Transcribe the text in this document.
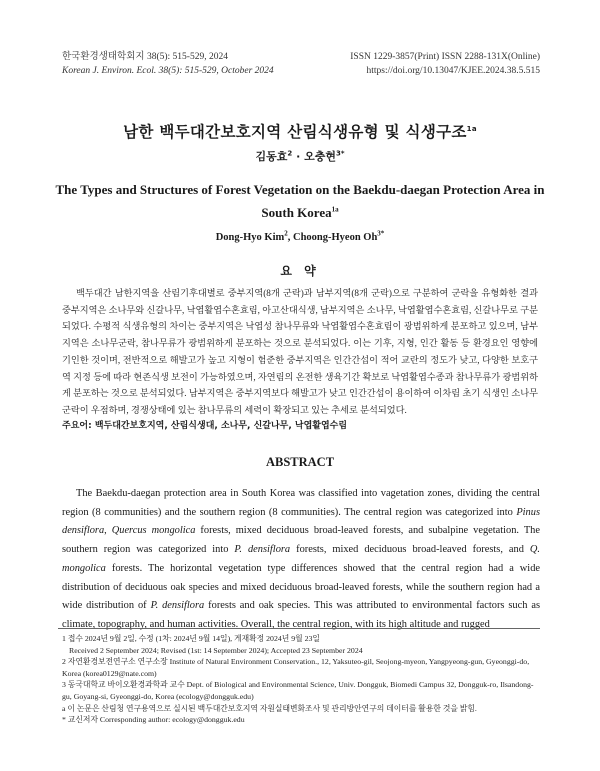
한국환경생태학회지 38(5): 515-529, 2024
Korean J. Environ. Ecol. 38(5): 515-529, October 2024
ISSN 1229-3857(Print) ISSN 2288-131X(Online)
https://doi.org/10.13047/KJEE.2024.38.5.515
남한 백두대간보호지역 산림식생유형 및 식생구조$^{1a}$
김동효$^2$ · 오충현$^{3*}$
The Types and Structures of Forest Vegetation on the Baekdu-daegan Protection Area in South Korea$^{1a}$
Dong-Hyo Kim$^2$, Choong-Hyeon $Oh^{3*}$
요 약
백두대간 남한지역을 산림기후대별로 중부지역(8개 군락)과 남부지역(8개 군락)으로 구분하여 군락을 유형화한 결과 중부지역은 소나무와 신갈나무, 낙엽활엽수혼효림, 아고산대식생, 남부지역은 소나무, 낙엽활엽수혼효림, 신갈나무로 구분되었다. 수평적 식생유형의 차이는 중부지역은 낙엽성 참나무류와 낙엽활엽수혼효림이 광범위하게 분포하고 있으며, 남부지역은 소나무군락, 참나무류가 광범위하게 분포하는 것으로 분석되었다. 이는 기후, 지형, 인간 활동 등 환경요인 영향에 기인한 것이며, 전반적으로 해발고가 높고 지형이 험준한 중부지역은 인간간섭이 적어 교란의 정도가 낮고, 다양한 보호구역 지정 등에 따라 현존식생 보전이 가능하였으며, 자연림의 온전한 생육기간 확보로 낙엽활엽수종과 참나무류가 광범위하게 분포하는 것으로 분석되었다. 남부지역은 중부지역보다 해발고가 낮고 인간간섭이 용이하여 이차림 초기 식생인 소나무군락이 우점하며, 경쟁상태에 있는 참나무류의 세력이 확장되고 있는 추세로 분석되었다.
주요어: 백두대간보호지역, 산림식생대, 소나무, 신갈나무, 낙엽활엽수림
ABSTRACT
The Baekdu-daegan protection area in South Korea was classified into vagetation zones, dividing the central region (8 communities) and the southern region (8 communities). The central region was categorized into Pinus densiflora, Quercus mongolica forests, mixed deciduous broad-leaved forests, and subalpine vegetation. The southern region was categorized into P. densiflora forests, mixed deciduous broad-leaved forests, and Q. mongolica forests. The horizontal vegetation type differences showed that the central region had a wide distribution of deciduous oak species and mixed deciduous broad-leaved forests, while the southern region had a wide distribution of P. densiflora forests and oak species. This was attributed to environmental factors such as climate, topography, and human activities. Overall, the central region, with its high altitude and rugged

1 접수 2024년 9월 2일, 수정 (1차: 2024년 9월 14일), 게재확정 2024년 9월 23일

Received 2 September 2024; Revised (1st: 14 September 2024); Accepted 23 September 2024

2 자연환경보전연구소 연구소장 Institute of Natural Environment Conservation., 12, Yaksuteo-gil, Seojong-myeon, Yangpyeong-gun, Gyeonggi-do, Korea (korea0129@nate.com)

3 동국대학교 바이오환경과학과 교수 Dept. of Biological and Environmental Science, Univ. Dongguk, Biomedi Campus 32, Dongguk-ro, Ilsandong-gu, Goyang-si, Gyeonggi-do, Korea (ecology@dongguk.edu)

a 이 논문은 산림청 연구용역으로 실시된 백두대간보호지역 자원실태변화조사 및 관리방안연구의 데이터를 활용한 것을 밝힘.

* 교신저자 Corresponding author: ecology@dongguk.edu
